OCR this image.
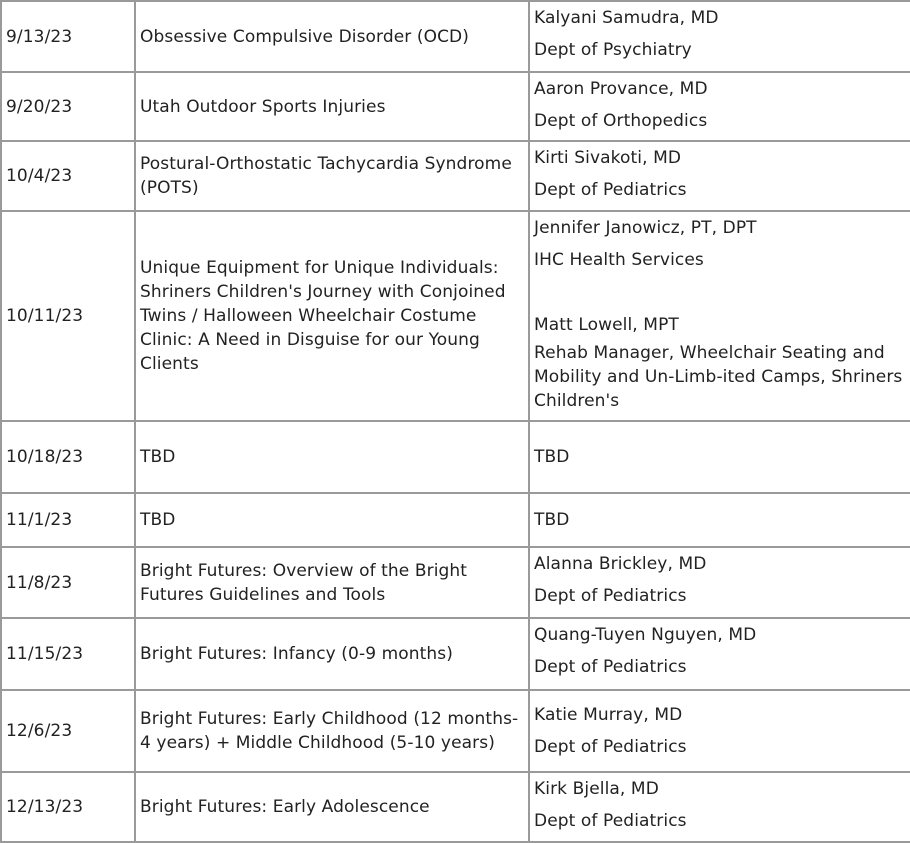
9/13/23	Obsessive Compulsive Disorder (OCD)	Kalyani Samudra, MD
Dept of Psychiatry

9/20/23	Utah Outdoor Sports Injuries	Aaron Provance, MD
Dept of Orthopedics

10/4/23	Postural-Orthostatic Tachycardia Syndrome (POTS)	Kirti Sivakoti, MD
Dept of Pediatrics

10/11/23	Unique Equipment for Unique Individuals: Shriners Children's Journey with Conjoined Twins / Halloween Wheelchair Costume Clinic: A Need in Disguise for our Young Clients	Jennifer Janowicz, PT, DPT
IHC Health Services
Matt Lowell, MPT
Rehab Manager, Wheelchair Seating and Mobility and Un-Limb-ited Camps, Shriners Children's

10/18/23	TBD	TBD
11/1/23	TBD	TBD
11/8/23	Bright Futures: Overview of the Bright Futures Guidelines and Tools	Alanna Brickley, MD
Dept of Pediatrics

11/15/23	Bright Futures: Infancy (0-9 months)	Quang-Tuyen Nguyen, MD
Dept of Pediatrics

12/6/23	Bright Futures: Early Childhood (12 months-4 years) + Middle Childhood (5-10 years)	Katie Murray, MD
Dept of Pediatrics

12/13/23	Bright Futures: Early Adolescence	Kirk Bjella, MD
Dept of Pediatrics
